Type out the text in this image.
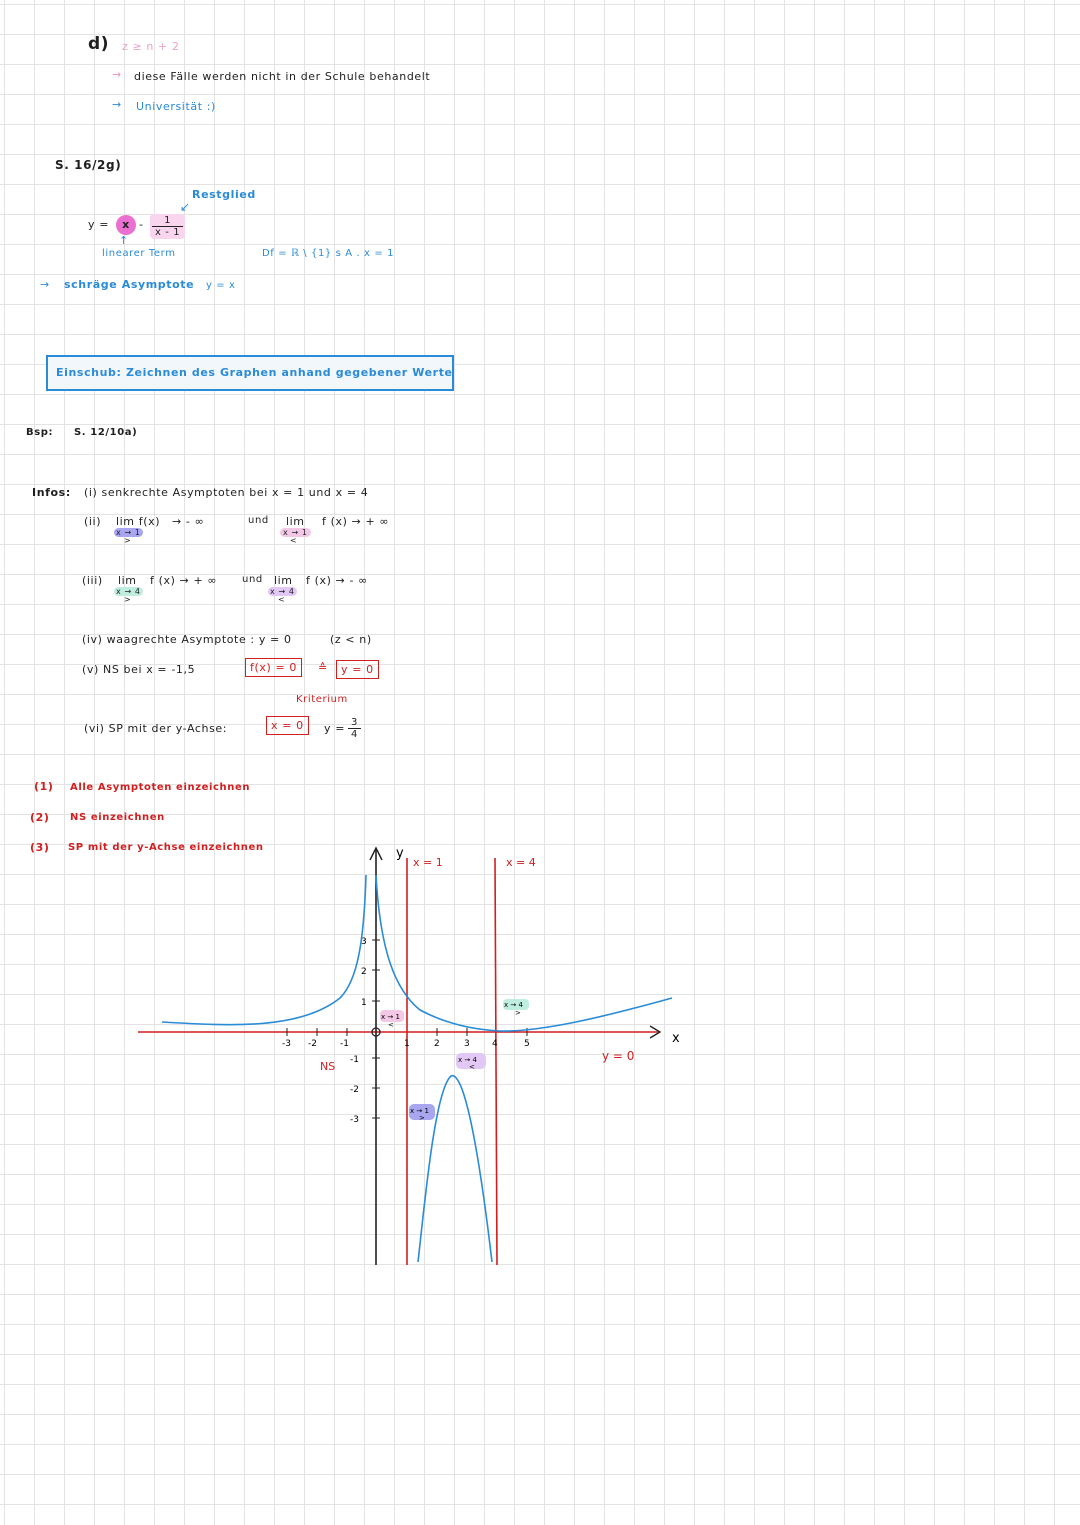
d) z ≥ n + 2
→ diese Fälle werden nicht in der Schule behandelt
→ Universität :)
S. 16/2g)
Restglied
↙
y =	x - $\frac{1}{x - 1}$
↑
linearer Term	Df = ℝ \ {1} s A . x = 1
→ schräge Asymptote y = x
Einschub: Zeichnen des Graphen anhand gegebener Werte
Bsp: S. 12/10a)
Infos: (i) senkrechte Asymptoten bei x = 1 und x = 4
(ii) lim f(x)
x → 1
>
→ - ∞	und lim
x → 1
<
f (x) → + ∞
(iii) lim
x → 4
>
f (x) → + ∞ und lim
x → 4
<
f (x) → - ∞
(iv) waagrechte Asymptote : y = 0	(z < n)
(v) NS bei x = -1,5	f(x) = 0	≙	y = 0
Kriterium
(vi) SP mit der y-Achse:	x = 0	$y = \frac{3}{4}$
(1) Alle Asymptoten einzeichnen
(2) NS einzeichnen
(3) SP mit der y-Achse einzeichnen
x
y
x = 1	x = 4
y = 0
NS
-3 -2	-1	1	2	3 4	5
3
2
1
-1
-2
-3
x → 1
<
x → 4
>
x → 4
<
x → 1
>
